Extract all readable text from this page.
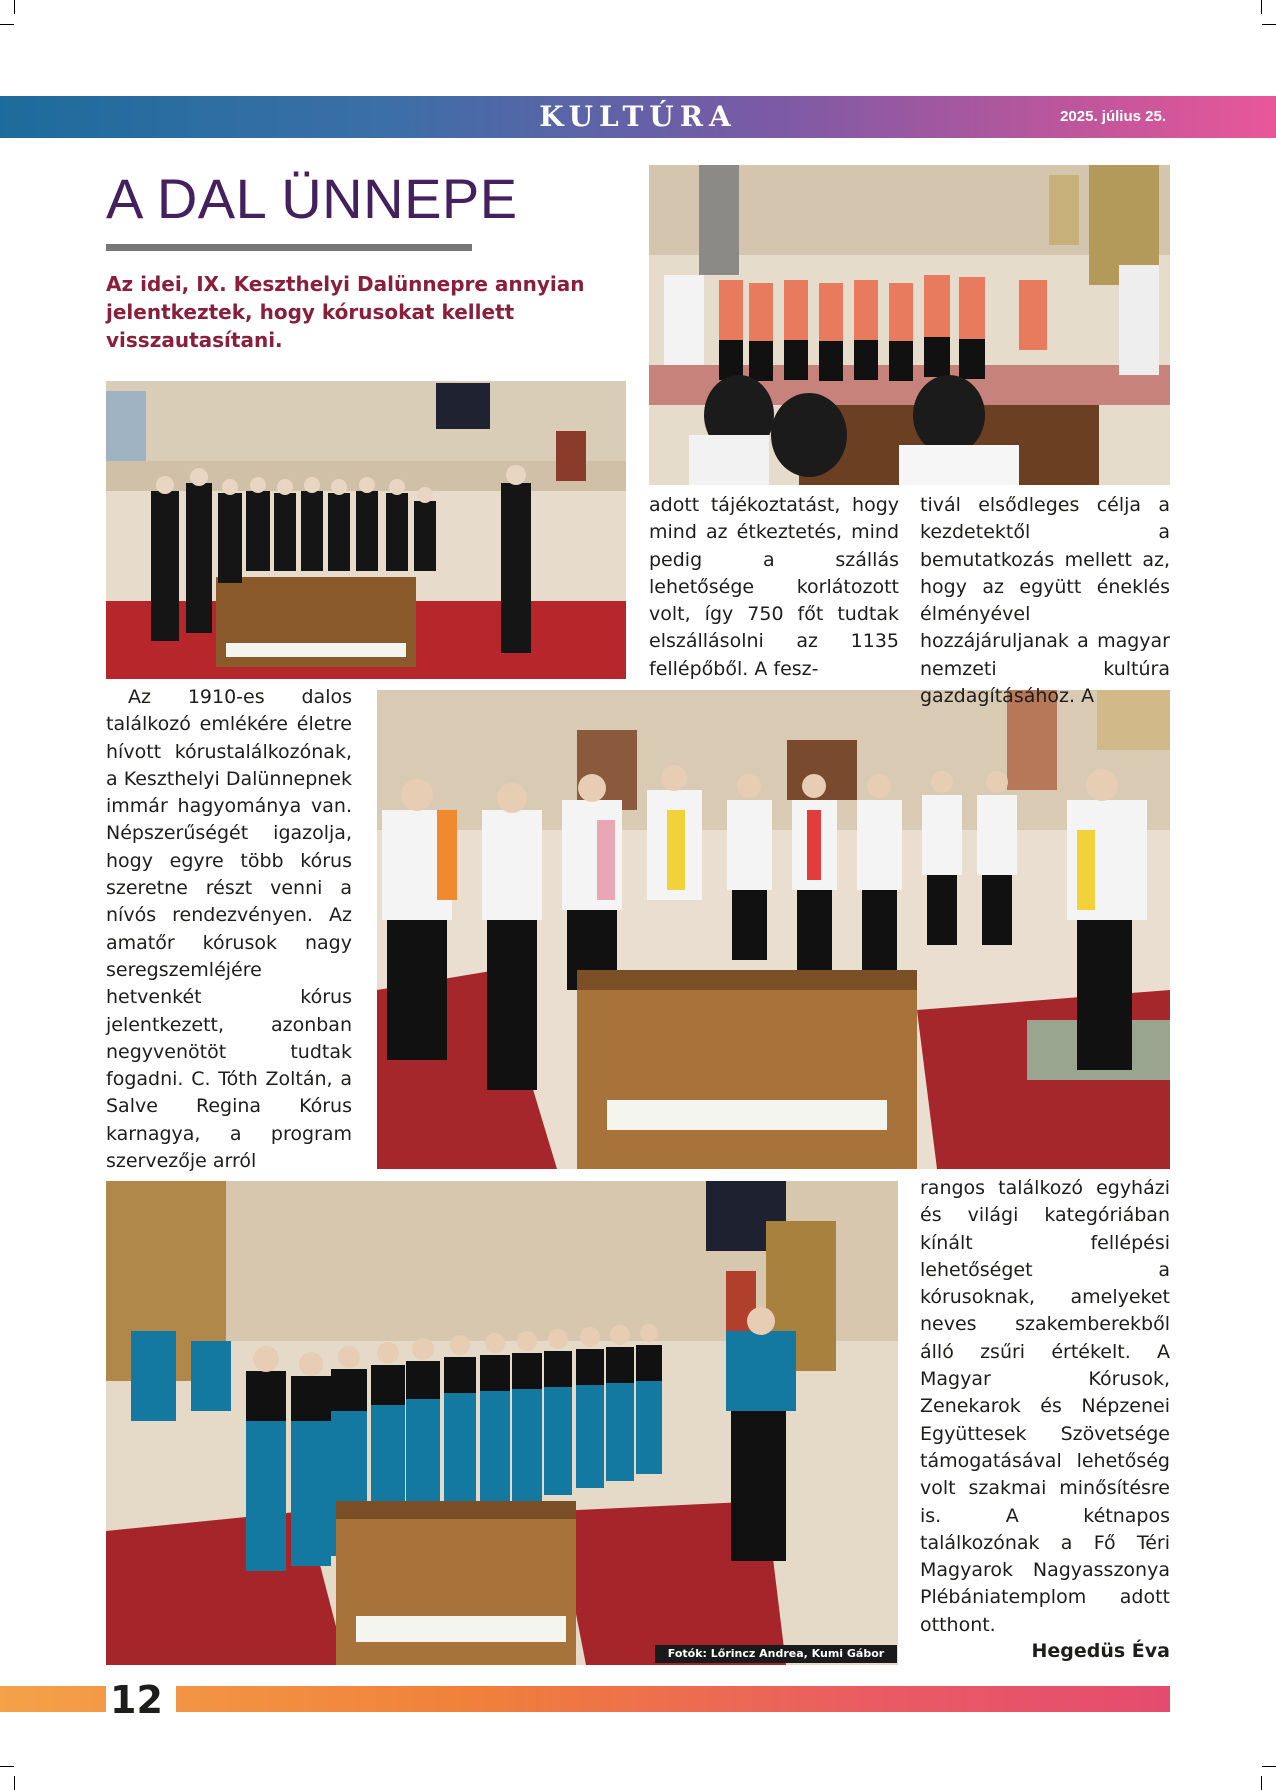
KULTÚRA	2025. július 25.
A DAL ÜNNEPE

Az idei, IX. Keszthelyi Dalünnepre annyian jelentkeztek, hogy kórusokat kellett visszautasítani.

Az 1910-es dalos találkozó emlékére életre hívott kórustalálkozónak, a Keszthelyi Dalünnepnek immár hagyománya van. Népszerűségét igazolja, hogy egyre több kórus szeretne részt venni a nívós rendezvényen. Az amatőr kórusok nagy seregszemléjére hetvenkét kórus jelentkezett, azonban negyvenötöt tudtak fogadni. C. Tóth Zoltán, a Salve Regina Kórus karnagya, a program szervezője arról

adott tájékoztatást, hogy mind az étkeztetés, mind pedig a szállás lehetősége korlátozott volt, így 750 főt tudtak elszállásolni az 1135 fellépőből. A fesz-

tivál elsődleges célja a kezdetektől a bemutatkozás mellett az, hogy az együtt éneklés élményével hozzájáruljanak a magyar nemzeti kultúra gazdagításához. A

rangos találkozó egyházi és világi kategóriában kínált fellépési lehetőséget a kórusoknak, amelyeket neves szakemberekből álló zsűri értékelt. A Magyar Kórusok, Zenekarok és Népzenei Együttesek Szövetsége támogatásával lehetőség volt szakmai minősítésre is. A kétnapos találkozónak a Fő Téri Magyarok Nagyasszonya Plébániatemplom adott otthont.

Hegedüs Éva

Fotók: Lőrincz Andrea, Kumi Gábor
12
